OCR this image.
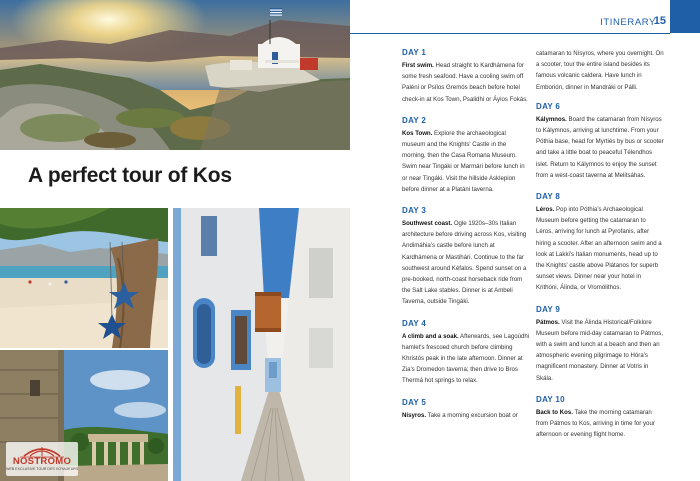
A perfect tour of Kos
NOSTROMO
WEB EXCLUSIVE TOUR DES VOYAGEURS
ITINERARY
15
DAY 1
First swim. Head straight to Kardhámena for some fresh seafood. Have a cooling swim off Paléni or Psílos Gremós beach before hotel check-in at Kos Town, Psalidhi or Áyios Fokás.
DAY 2
Kos Town. Explore the archaeological museum and the Knights' Castle in the morning, then the Casa Romana Museum. Swim near Tingáki or Marmári before lunch in or near Tingáki. Visit the hillside Asklepion before dinner at a Platáni taverna.
DAY 3
Southwest coast. Ogle 1920s–30s Italian architecture before driving across Kos, visiting Andimáhia's castle before lunch at Kardhámena or Mastihári. Continue to the far southwest around Kéfalos. Spend sunset on a pre-booked, north-coast horseback ride from the Salt Lake stables. Dinner is at Ambeli Taverna, outside Tingáki.
DAY 4
A climb and a soak. Afterwards, see Lagoúdhi hamlet's frescoed church before climbing Khristós peak in the late afternoon. Dinner at Zia's Dromedon taverna; then drive to Bros Thermá hot springs to relax.
DAY 5
Nísyros. Take a morning excursion boat or
catamaran to Nísyros, where you overnight. On a scooter, tour the entire island besides its famous volcanic caldera. Have lunch in Emborión, dinner in Mandráki or Pálli.
DAY 6
Kálymnos. Board the catamaran from Nísyros to Kálymnos, arriving at lunchtime. From your Póthia base, head for Myrtiés by bus or scooter and take a little boat to peaceful Télendhos islet. Return to Kálymnos to enjoy the sunset from a west-coast taverna at Melitsáhas.
DAY 8
Léros. Pop into Póthia's Archaeological Museum before getting the catamaran to Léros, arriving for lunch at Pyrofanis, after hiring a scooter. After an afternoon swim and a look at Lakki's Italian monuments, head up to the Knights' castle above Plátanos for superb sunset views. Dinner near your hotel in Krithóni, Álinda, or Vromólithos.
DAY 9
Pátmos. Visit the Álinda Historical/Folklore Museum before mid-day catamaran to Pátmos, with a swim and lunch at a beach and then an atmospheric evening pilgrimage to Hóra's magnificent monastery. Dinner at Votris in Skála.
DAY 10
Back to Kos. Take the morning catamaran from Pátmos to Kos, arriving in time for your afternoon or evening flight home.
